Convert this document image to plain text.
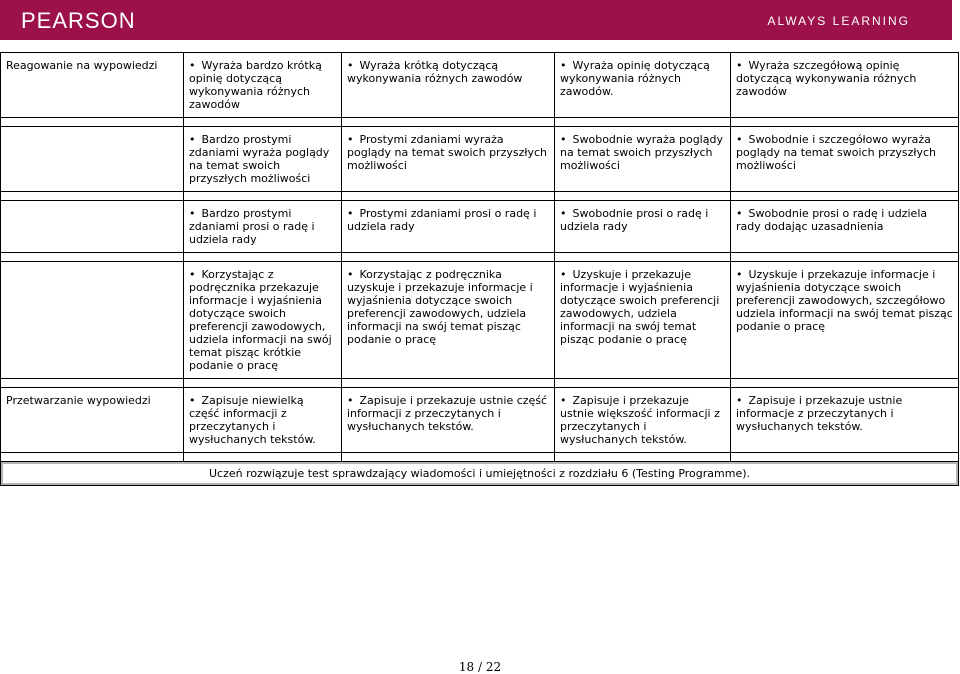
PEARSON	ALWAYS LEARNING
Reagowanie na wypowiedzi	• Wyraża bardzo krótką opinię dotyczącą wykonywania różnych zawodów	• Wyraża krótką dotyczącą wykonywania różnych zawodów	• Wyraża opinię dotyczącą wykonywania różnych zawodów.	• Wyraża szczegółową opinię dotyczącą wykonywania różnych zawodów

	• Bardzo prostymi zdaniami wyraża poglądy na temat swoich przyszłych możliwości	• Prostymi zdaniami wyraża poglądy na temat swoich przyszłych możliwości	• Swobodnie wyraża poglądy na temat swoich przyszłych możliwości	• Swobodnie i szczegółowo wyraża poglądy na temat swoich przyszłych możliwości

	• Bardzo prostymi zdaniami prosi o radę i udziela rady	• Prostymi zdaniami prosi o radę i udziela rady	• Swobodnie prosi o radę i udziela rady	• Swobodnie prosi o radę i udziela rady dodając uzasadnienia

	• Korzystając z podręcznika przekazuje informacje i wyjaśnienia dotyczące swoich preferencji zawodowych, udziela informacji na swój temat pisząc krótkie podanie o pracę	• Korzystając z podręcznika uzyskuje i przekazuje informacje i wyjaśnienia dotyczące swoich preferencji zawodowych, udziela informacji na swój temat pisząc podanie o pracę	• Uzyskuje i przekazuje informacje i wyjaśnienia dotyczące swoich preferencji zawodowych, udziela informacji na swój temat pisząc podanie o pracę	• Uzyskuje i przekazuje informacje i wyjaśnienia dotyczące swoich preferencji zawodowych, szczegółowo udziela informacji na swój temat pisząc podanie o pracę

Przetwarzanie wypowiedzi	• Zapisuje niewielką część informacji z przeczytanych i wysłuchanych tekstów.	• Zapisuje i przekazuje ustnie część informacji z przeczytanych i wysłuchanych tekstów.	• Zapisuje i przekazuje ustnie większość informacji z przeczytanych i wysłuchanych tekstów.	• Zapisuje i przekazuje ustnie informacje z przeczytanych i wysłuchanych tekstów.

Uczeń rozwiązuje test sprawdzający wiadomości i umiejętności z rozdziału 6 (Testing Programme).				
18 / 22
